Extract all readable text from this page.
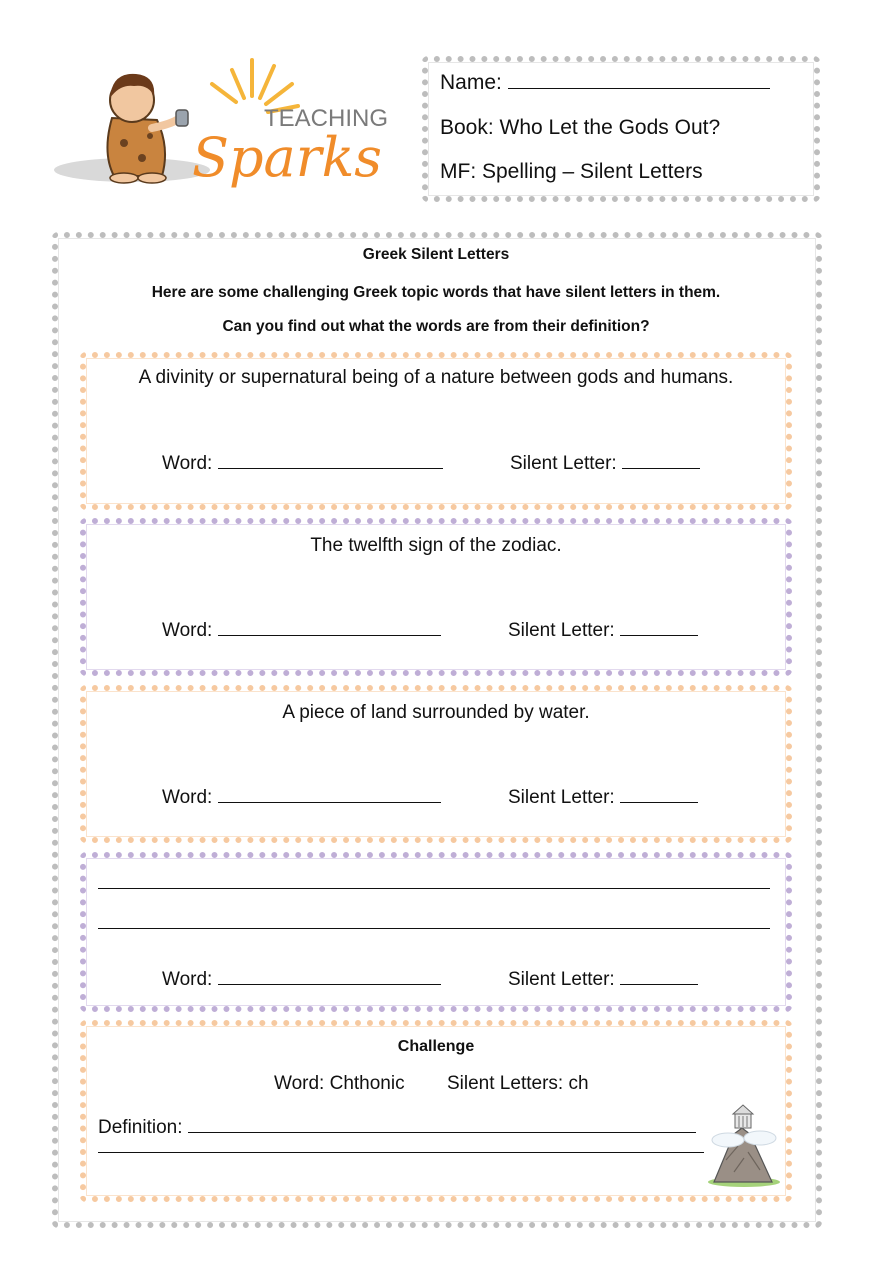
TEACHING
Sparks
Name:
Book: Who Let the Gods Out?
MF: Spelling – Silent Letters
Greek Silent Letters
Here are some challenging Greek topic words that have silent letters in them.
Can you find out what the words are from their definition?
A divinity or supernatural being of a nature between gods and humans.
Word:	Silent Letter:
The twelfth sign of the zodiac.
Word:	Silent Letter:
A piece of land surrounded by water.
Word:	Silent Letter:
Word:	Silent Letter:
Challenge
Word: Chthonic Silent Letters: ch
Definition:
